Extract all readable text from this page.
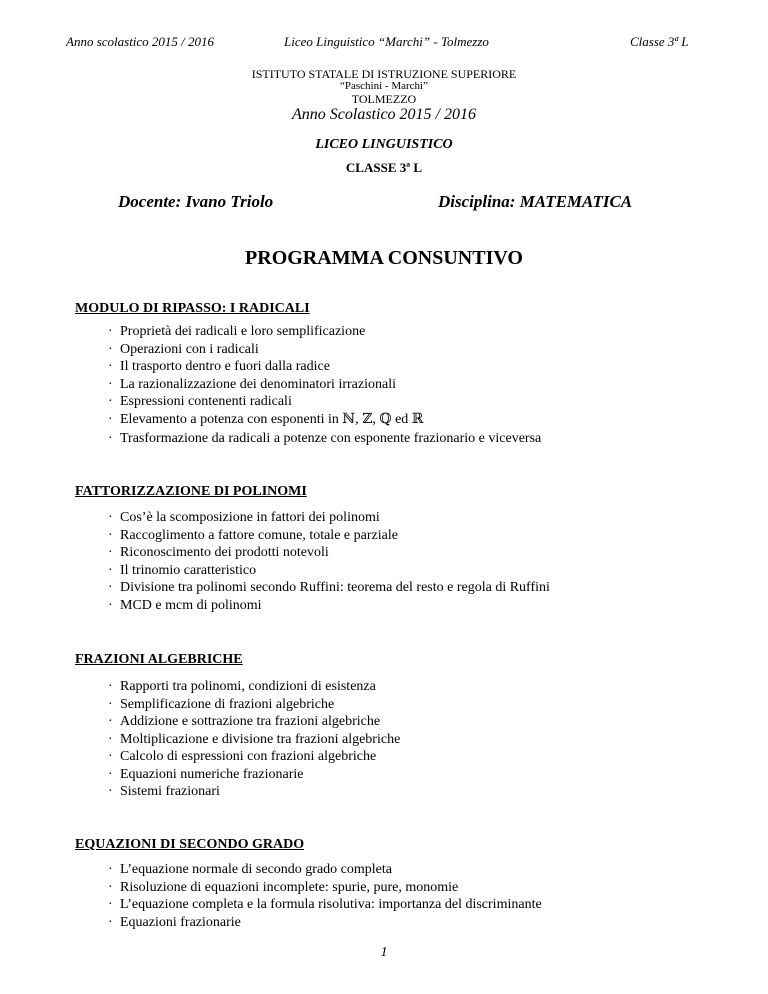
Anno scolastico 2015 / 2016	Liceo Linguistico “Marchi” - Tolmezzo	Classe 3ª L
ISTITUTO STATALE DI ISTRUZIONE SUPERIORE
“Paschini - Marchi”
TOLMEZZO
Anno Scolastico 2015 / 2016
LICEO LINGUISTICO
CLASSE 3ª L
Docente: Ivano Triolo	Disciplina: MATEMATICA
PROGRAMMA CONSUNTIVO
MODULO DI RIPASSO: I RADICALI
· Proprietà dei radicali e loro semplificazione
· Operazioni con i radicali
· Il trasporto dentro e fuori dalla radice
· La razionalizzazione dei denominatori irrazionali
· Espressioni contenenti radicali
· Elevamento a potenza con esponenti in ℕ, ℤ, ℚ ed ℝ
· Trasformazione da radicali a potenze con esponente frazionario e viceversa
FATTORIZZAZIONE DI POLINOMI
· Cos’è la scomposizione in fattori dei polinomi
· Raccoglimento a fattore comune, totale e parziale
· Riconoscimento dei prodotti notevoli
· Il trinomio caratteristico
· Divisione tra polinomi secondo Ruffini: teorema del resto e regola di Ruffini
· MCD e mcm di polinomi
FRAZIONI ALGEBRICHE
· Rapporti tra polinomi, condizioni di esistenza
· Semplificazione di frazioni algebriche
· Addizione e sottrazione tra frazioni algebriche
· Moltiplicazione e divisione tra frazioni algebriche
· Calcolo di espressioni con frazioni algebriche
· Equazioni numeriche frazionarie
· Sistemi frazionari
EQUAZIONI DI SECONDO GRADO
· L’equazione normale di secondo grado completa
· Risoluzione di equazioni incomplete: spurie, pure, monomie
· L’equazione completa e la formula risolutiva: importanza del discriminante
· Equazioni frazionarie
1
